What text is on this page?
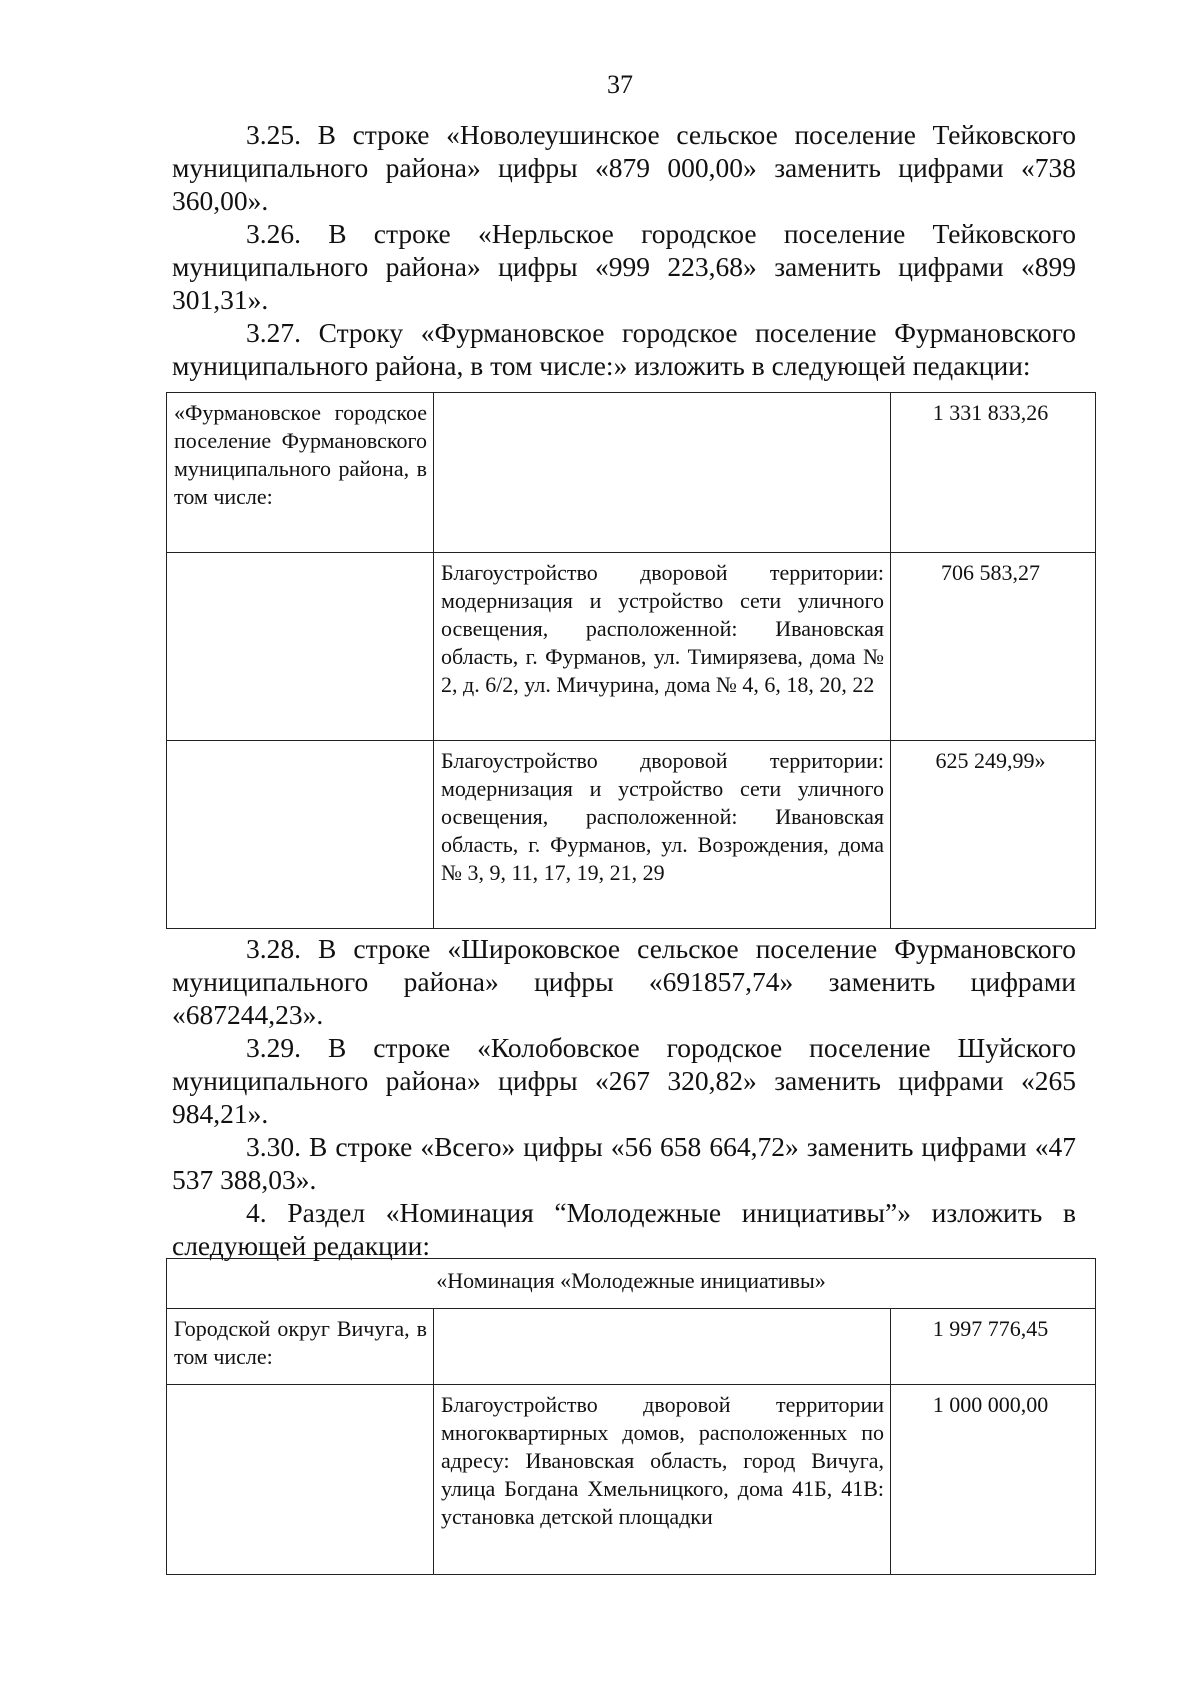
37

3.25. В строке «Новолеушинское сельское поселение Тейковского муниципального района» цифры «879 000,00» заменить цифрами «738 360,00».

3.26. В строке «Нерльское городское поселение Тейковского муниципального района» цифры «999 223,68» заменить цифрами «899 301,31».

3.27. Строку «Фурмановское городское поселение Фурмановского муниципального района, в том числе:» изложить в следующей педакции:

«Фурмановское городское поселение Фурмановского муниципального района, в том числе:		1 331 833,26
	Благоустройство дворовой территории: модернизация и устройство сети уличного освещения, расположенной: Ивановская область, г. Фурманов, ул. Тимирязева, дома № 2, д. 6/2, ул. Мичурина, дома № 4, 6, 18, 20, 22	706 583,27
	Благоустройство дворовой территории: модернизация и устройство сети уличного освещения, расположенной: Ивановская область, г. Фурманов, ул. Возрождения, дома № 3, 9, 11, 17, 19, 21, 29	625 249,99»

3.28. В строке «Широковское сельское поселение Фурмановского муниципального района» цифры «691857,74» заменить цифрами «687244,23».

3.29. В строке «Колобовское городское поселение Шуйского муниципального района» цифры «267 320,82» заменить цифрами «265 984,21».

3.30. В строке «Всего» цифры «56 658 664,72» заменить цифрами «47 537 388,03».

4. Раздел «Номинация “Молодежные инициативы”» изложить в следующей редакции:

«Номинация «Молодежные инициативы»		
Городской округ Вичуга, в том числе:		1 997 776,45
	Благоустройство дворовой территории многоквартирных домов, расположенных по адресу: Ивановская область, город Вичуга, улица Богдана Хмельницкого, дома 41Б, 41В: установка детской площадки	1 000 000,00
